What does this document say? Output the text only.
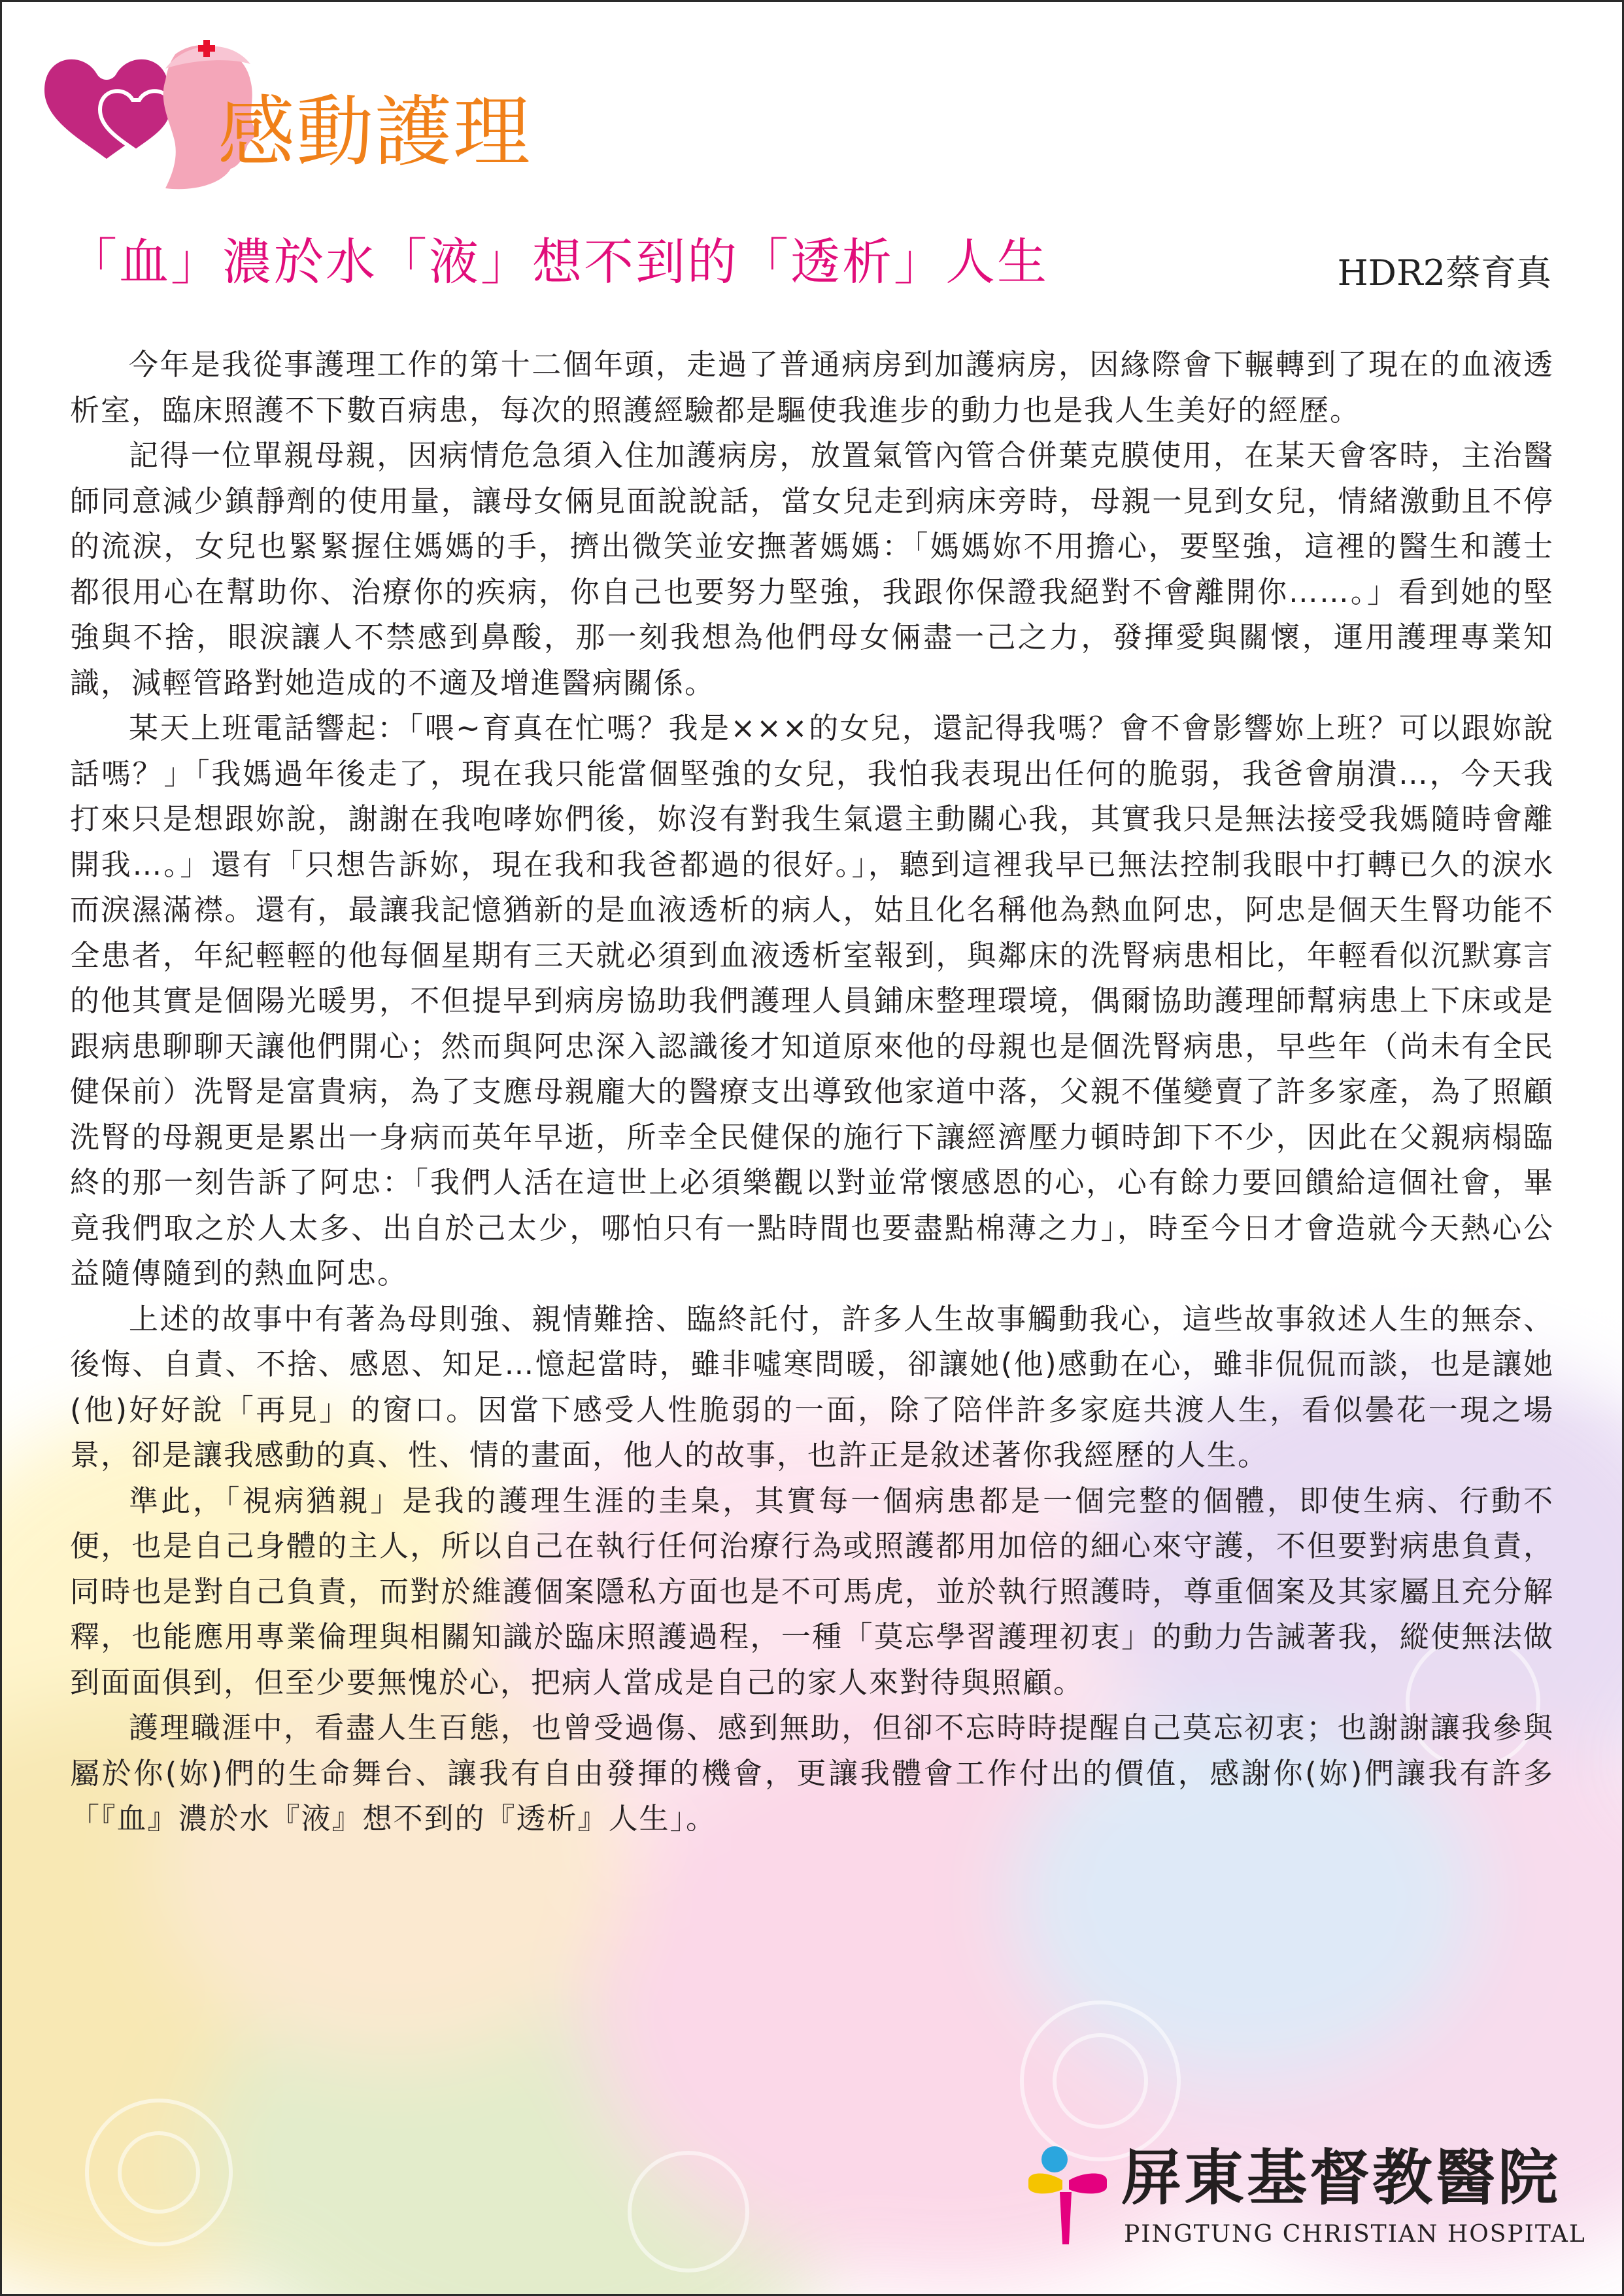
感動護理
「血」濃於水「液」想不到的「透析」人生	HDR2蔡育真

今年是我從事護理工作的第十二個年頭，走過了普通病房到加護病房，因緣際會下輾轉到了現在的血液透析室，臨床照護不下數百病患，每次的照護經驗都是驅使我進步的動力也是我人生美好的經歷。

記得一位單親母親，因病情危急須入住加護病房，放置氣管內管合併葉克膜使用，在某天會客時，主治醫師同意減少鎮靜劑的使用量，讓母女倆見面說說話，當女兒走到病床旁時，母親一見到女兒，情緒激動且不停的流淚，女兒也緊緊握住媽媽的手，擠出微笑並安撫著媽媽：「媽媽妳不用擔心，要堅強，這裡的醫生和護士都很用心在幫助你、治療你的疾病，你自己也要努力堅強，我跟你保證我絕對不會離開你……。」看到她的堅強與不捨，眼淚讓人不禁感到鼻酸，那一刻我想為他們母女倆盡一己之力，發揮愛與關懷，運用護理專業知識，減輕管路對她造成的不適及增進醫病關係。

某天上班電話響起：「喂~育真在忙嗎？我是×××的女兒，還記得我嗎？會不會影響妳上班？可以跟妳說話嗎？」「我媽過年後走了，現在我只能當個堅強的女兒，我怕我表現出任何的脆弱，我爸會崩潰…，今天我打來只是想跟妳說，謝謝在我咆哮妳們後，妳沒有對我生氣還主動關心我，其實我只是無法接受我媽隨時會離開我…。」還有「只想告訴妳，現在我和我爸都過的很好。」，聽到這裡我早已無法控制我眼中打轉已久的淚水而淚濕滿襟。還有，最讓我記憶猶新的是血液透析的病人，姑且化名稱他為熱血阿忠，阿忠是個天生腎功能不全患者，年紀輕輕的他每個星期有三天就必須到血液透析室報到，與鄰床的洗腎病患相比，年輕看似沉默寡言的他其實是個陽光暖男，不但提早到病房協助我們護理人員鋪床整理環境，偶爾協助護理師幫病患上下床或是跟病患聊聊天讓他們開心；然而與阿忠深入認識後才知道原來他的母親也是個洗腎病患，早些年（尚未有全民健保前）洗腎是富貴病，為了支應母親龐大的醫療支出導致他家道中落，父親不僅變賣了許多家產，為了照顧洗腎的母親更是累出一身病而英年早逝，所幸全民健保的施行下讓經濟壓力頓時卸下不少，因此在父親病榻臨終的那一刻告訴了阿忠：「我們人活在這世上必須樂觀以對並常懷感恩的心，心有餘力要回饋給這個社會，畢竟我們取之於人太多、出自於己太少，哪怕只有一點時間也要盡點棉薄之力」，時至今日才會造就今天熱心公益隨傳隨到的熱血阿忠。

上述的故事中有著為母則強、親情難捨、臨終託付，許多人生故事觸動我心，這些故事敘述人生的無奈、後悔、自責、不捨、感恩、知足…憶起當時，雖非噓寒問暖，卻讓她(他)感動在心，雖非侃侃而談，也是讓她(他)好好說「再見」的窗口。因當下感受人性脆弱的一面，除了陪伴許多家庭共渡人生，看似曇花一現之場景，卻是讓我感動的真、性、情的畫面，他人的故事，也許正是敘述著你我經歷的人生。

準此，「視病猶親」是我的護理生涯的圭臬，其實每一個病患都是一個完整的個體，即使生病、行動不便，也是自己身體的主人，所以自己在執行任何治療行為或照護都用加倍的細心來守護，不但要對病患負責，同時也是對自己負責，而對於維護個案隱私方面也是不可馬虎，並於執行照護時，尊重個案及其家屬且充分解釋，也能應用專業倫理與相關知識於臨床照護過程，一種「莫忘學習護理初衷」的動力告誡著我，縱使無法做到面面俱到，但至少要無愧於心，把病人當成是自己的家人來對待與照顧。

護理職涯中，看盡人生百態，也曾受過傷、感到無助，但卻不忘時時提醒自己莫忘初衷；也謝謝讓我參與屬於你(妳)們的生命舞台、讓我有自由發揮的機會，更讓我體會工作付出的價值，感謝你(妳)們讓我有許多「『血』濃於水『液』想不到的『透析』人生」。

屏東基督教醫院
PINGTUNG CHRISTIAN HOSPITAL
